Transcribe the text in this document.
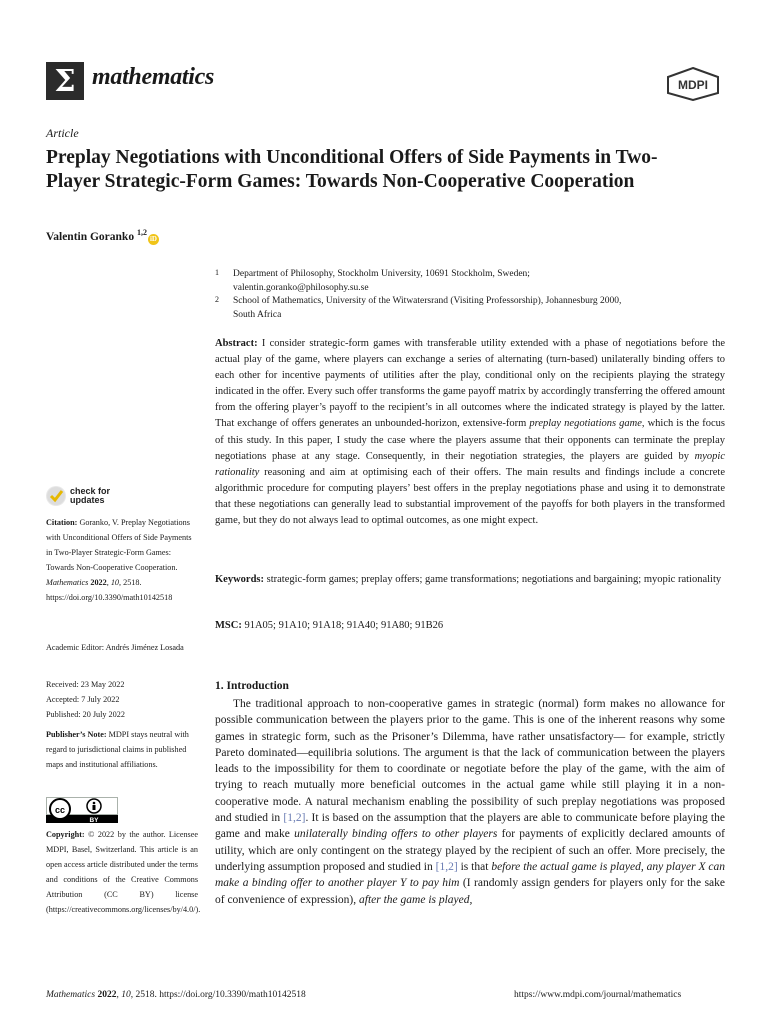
Σ mathematics	MDPI
Article
Preplay Negotiations with Unconditional Offers of Side Payments in Two-Player Strategic-Form Games: Towards Non-Cooperative Cooperation
Valentin Goranko $^{1,2}$iD
1 Department of Philosophy, Stockholm University, 10691 Stockholm, Sweden; valentin.goranko@philosophy.su.se
2 School of Mathematics, University of the Witwatersrand (Visiting Professorship), Johannesburg 2000, South Africa
Abstract: I consider strategic-form games with transferable utility extended with a phase of negotiations before the actual play of the game, where players can exchange a series of alternating (turn-based) unilaterally binding offers to each other for incentive payments of utilities after the play, conditional only on the recipients playing the strategy indicated in the offer. Every such offer transforms the game payoff matrix by accordingly transferring the offered amount from the offering player’s payoff to the recipient’s in all outcomes where the indicated strategy is played by the latter. That exchange of offers generates an unbounded-horizon, extensive-form preplay negotiations game, which is the focus of this study. In this paper, I study the case where the players assume that their opponents can terminate the preplay negotiations phase at any stage. Consequently, in their negotiation strategies, the players are guided by myopic rationality reasoning and aim at optimising each of their offers. The main results and findings include a concrete algorithmic procedure for computing players’ best offers in the preplay negotiations phase and using it to demonstrate that these negotiations can generally lead to substantial improvement of the payoffs for both players in the transformed game, but they do not always lead to optimal outcomes, as one might expect.
Keywords: strategic-form games; preplay offers; game transformations; negotiations and bargaining; myopic rationality
MSC: 91A05; 91A10; 91A18; 91A40; 91A80; 91B26
check for
updates
Citation: Goranko, V. Preplay Negotiations with Unconditional Offers of Side Payments in Two-Player Strategic-Form Games: Towards Non-Cooperative Cooperation. Mathematics 2022, 10, 2518. https://doi.org/10.3390/math10142518
Academic Editor: Andrés Jiménez Losada
Received: 23 May 2022
Accepted: 7 July 2022
Published: 20 July 2022
Publisher’s Note: MDPI stays neutral with regard to jurisdictional claims in published maps and institutional affiliations.
cc
BY
Copyright: © 2022 by the author. Licensee MDPI, Basel, Switzerland. This article is an open access article distributed under the terms and conditions of the Creative Commons Attribution (CC BY) license (https://creativecommons.org/licenses/by/4.0/).
1. Introduction
The traditional approach to non-cooperative games in strategic (normal) form makes no allowance for possible communication between the players prior to the game. This is one of the inherent reasons why some games in strategic form, such as the Prisoner’s Dilemma, have rather unsatisfactory— for example, strictly Pareto dominated—equilibria solutions. The argument is that the lack of communication between the players leads to the impossibility for them to coordinate or negotiate before the play of the game, with the aim of trying to reach mutually more beneficial outcomes in the actual game while still playing it in a non-cooperative mode. A natural mechanism enabling the possibility of such preplay negotiations was proposed and studied in [1,2]. It is based on the assumption that the players are able to communicate before playing the game and make unilaterally binding offers to other players for payments of explicitly declared amounts of utility, which are only contingent on the strategy played by the recipient of such an offer. More precisely, the underlying assumption proposed and studied in [1,2] is that before the actual game is played, any player X can make a binding offer to another player Y to pay him (I randomly assign genders for players only for the sake of convenience of expression), after the game is played,
Mathematics 2022, 10, 2518. https://doi.org/10.3390/math10142518	https://www.mdpi.com/journal/mathematics
